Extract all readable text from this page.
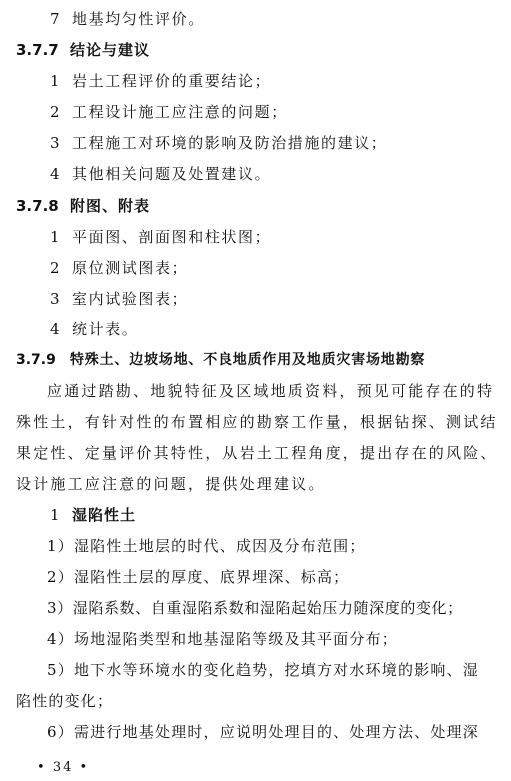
7 地基均匀性评价。
3.7.7 结论与建议
1 岩土工程评价的重要结论；
2 工程设计施工应注意的问题；
3 工程施工对环境的影响及防治措施的建议；
4 其他相关问题及处置建议。
3.7.8 附图、附表
1 平面图、剖面图和柱状图；
2 原位测试图表；
3 室内试验图表；
4 统计表。
3.7.9 特殊土、边坡场地、不良地质作用及地质灾害场地勘察
应通过踏勘、地貌特征及区域地质资料，预见可能存在的特
殊性土，有针对性的布置相应的勘察工作量，根据钻探、测试结
果定性、定量评价其特性，从岩土工程角度，提出存在的风险、
设计施工应注意的问题，提供处理建议。
1 湿陷性土
1）湿陷性土地层的时代、成因及分布范围；
2）湿陷性土层的厚度、底界埋深、标高；
3）湿陷系数、自重湿陷系数和湿陷起始压力随深度的变化；
4）场地湿陷类型和地基湿陷等级及其平面分布；
5）地下水等环境水的变化趋势，挖填方对水环境的影响、湿
陷性的变化；
6）需进行地基处理时，应说明处理目的、处理方法、处理深
• 34 •
